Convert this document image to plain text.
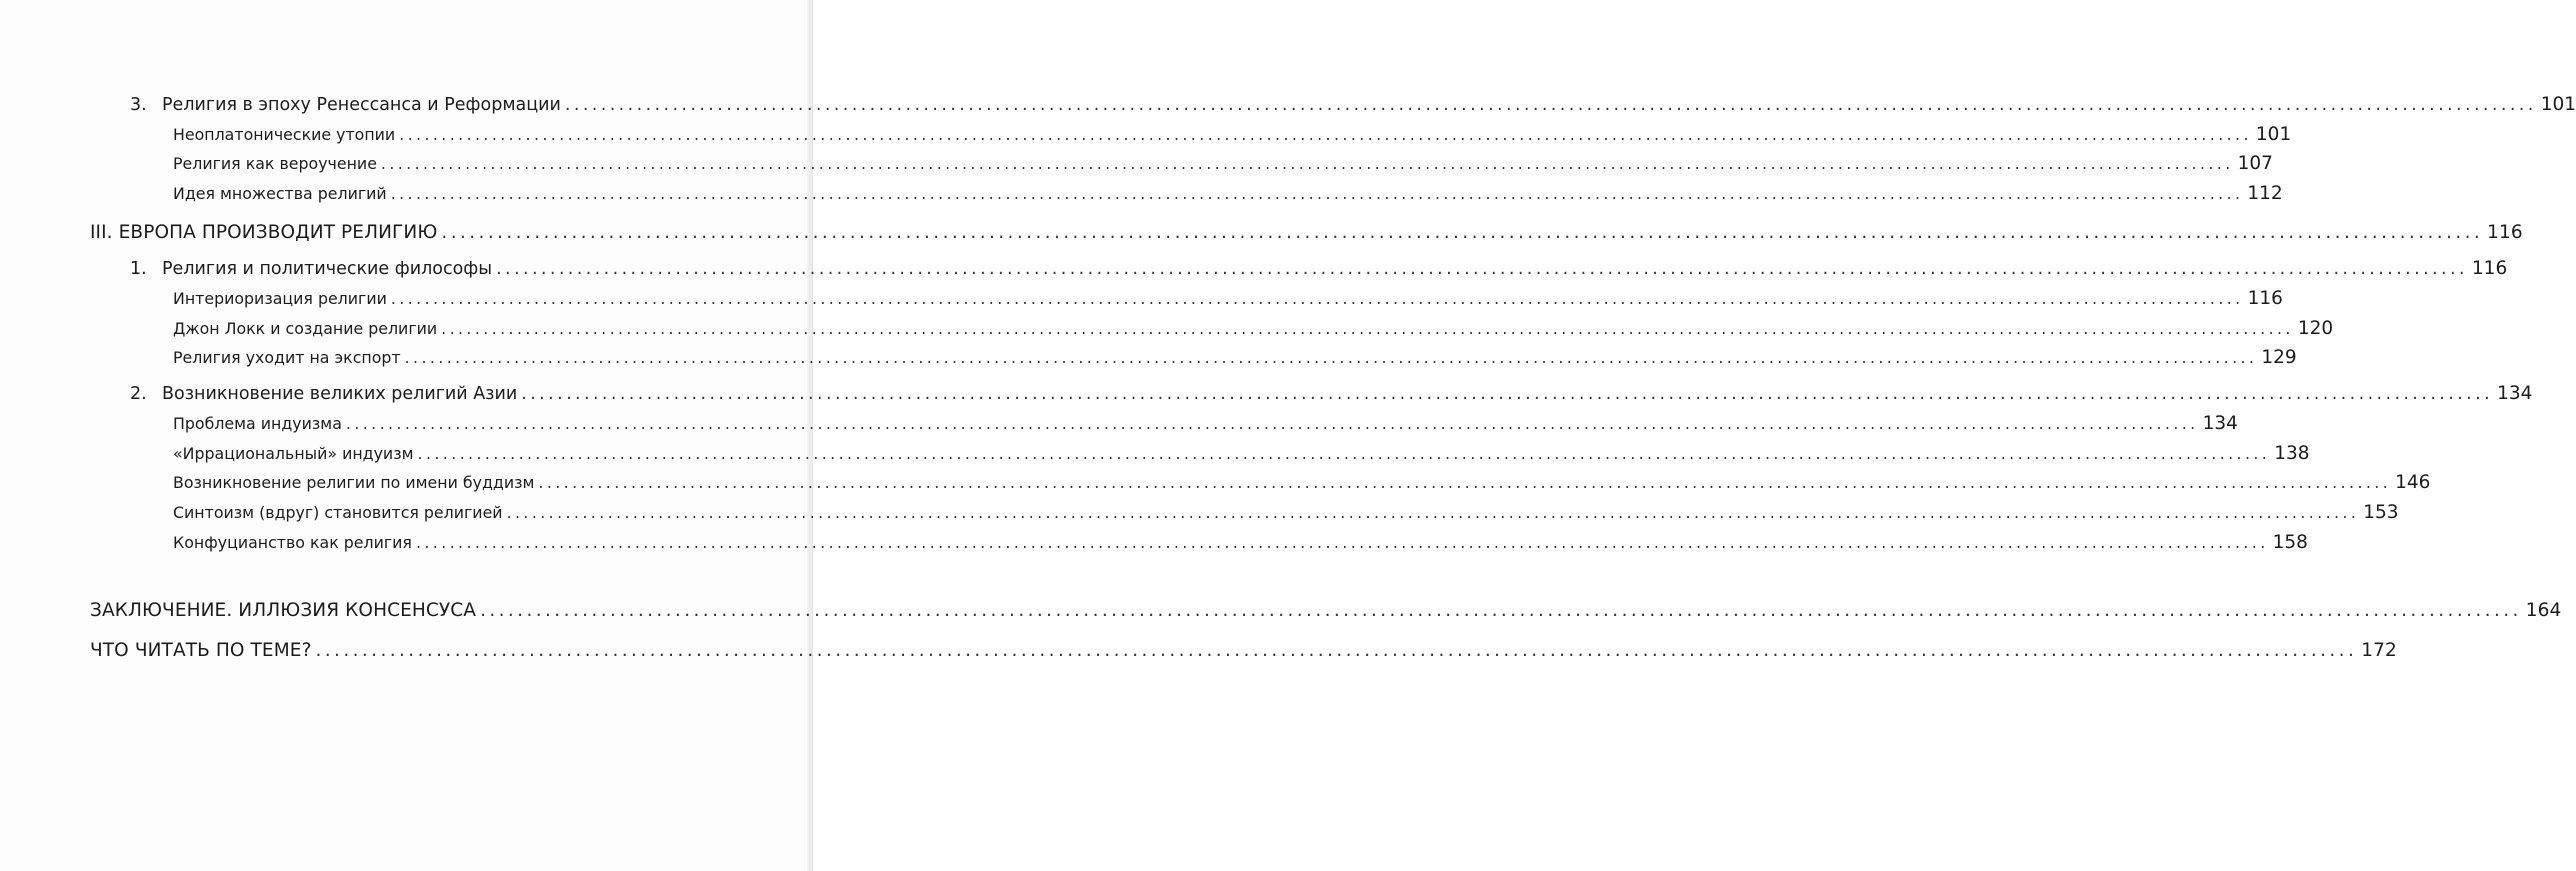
3. Религия в эпоху Ренессанса и Реформации ............................................................................................................................................................................................................................ 101
Неоплатонические утопии ............................................................................................................................................................................................................................ 101
Религия как вероучение ............................................................................................................................................................................................................................ 107
Идея множества религий ............................................................................................................................................................................................................................ 112
III. ЕВРОПА ПРОИЗВОДИТ РЕЛИГИЮ ............................................................................................................................................................................................................................ 116
1. Религия и политические философы ............................................................................................................................................................................................................................ 116
Интериоризация религии ............................................................................................................................................................................................................................ 116
Джон Локк и создание религии ............................................................................................................................................................................................................................ 120
Религия уходит на экспорт ............................................................................................................................................................................................................................ 129
2. Возникновение великих религий Азии ............................................................................................................................................................................................................................ 134
Проблема индуизма ............................................................................................................................................................................................................................ 134
«Иррациональный» индуизм ............................................................................................................................................................................................................................ 138
Возникновение религии по имени буддизм ............................................................................................................................................................................................................................ 146
Синтоизм (вдруг) становится религией ............................................................................................................................................................................................................................ 153
Конфуцианство как религия ............................................................................................................................................................................................................................ 158
ЗАКЛЮЧЕНИЕ. ИЛЛЮЗИЯ КОНСЕНСУСА ............................................................................................................................................................................................................................ 164
ЧТО ЧИТАТЬ ПО ТЕМЕ? ............................................................................................................................................................................................................................ 172
